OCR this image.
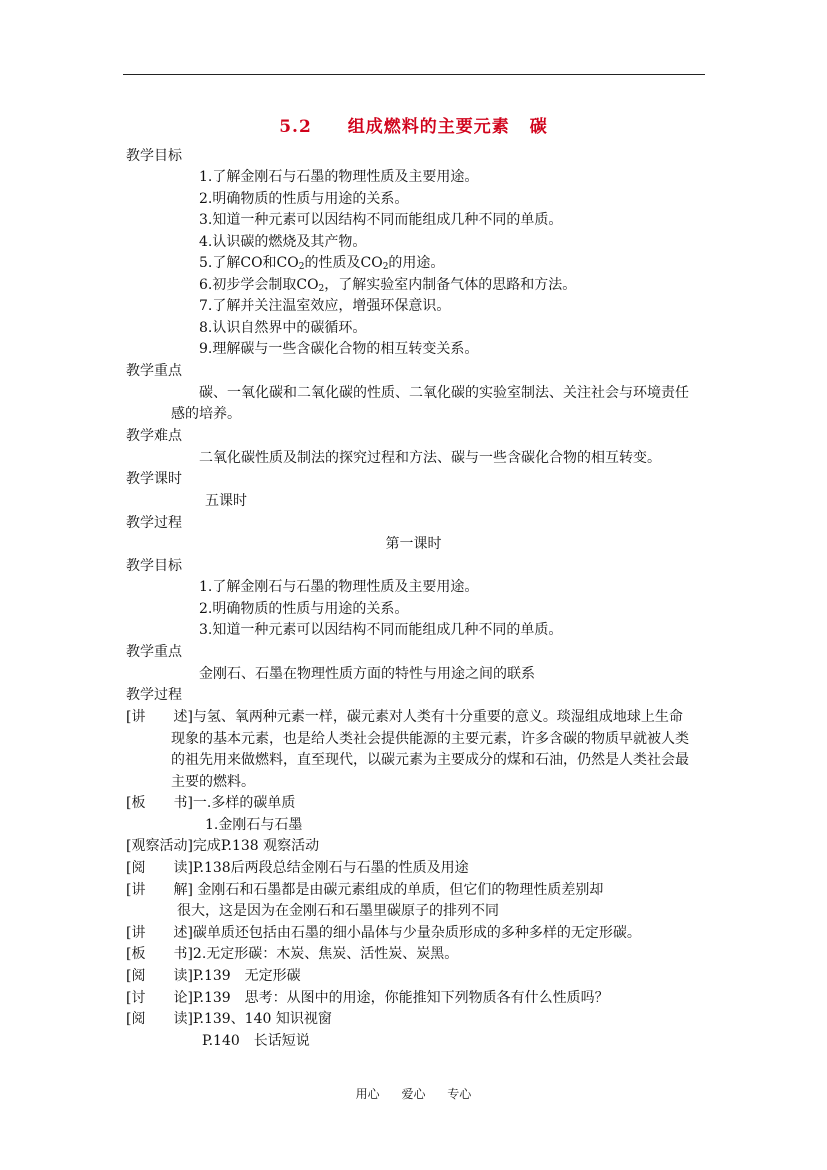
5.2 组成燃料的主要元素 碳
教学目标
1.了解金刚石与石墨的物理性质及主要用途。
2.明确物质的性质与用途的关系。
3.知道一种元素可以因结构不同而能组成几种不同的单质。
4.认识碳的燃烧及其产物。
5.了解CO和$CO_2$的性质及$CO_2$的用途。
6.初步学会制取$CO_2$，了解实验室内制备气体的思路和方法。
7.了解并关注温室效应，增强环保意识。
8.认识自然界中的碳循环。
9.理解碳与一些含碳化合物的相互转变关系。
教学重点
碳、一氧化碳和二氧化碳的性质、二氧化碳的实验室制法、关注社会与环境责任
感的培养。
教学难点
二氧化碳性质及制法的探究过程和方法、碳与一些含碳化合物的相互转变。
教学课时
五课时
教学过程
第一课时
教学目标
1.了解金刚石与石墨的物理性质及主要用途。
2.明确物质的性质与用途的关系。
3.知道一种元素可以因结构不同而能组成几种不同的单质。
教学重点
金刚石、石墨在物理性质方面的特性与用途之间的联系
教学过程
[讲　　述]与氢、氧两种元素一样，碳元素对人类有十分重要的意义。琰湿组成地球上生命
现象的基本元素，也是给人类社会提供能源的主要元素，许多含碳的物质早就被人类
的祖先用来做燃料，直至现代，以碳元素为主要成分的煤和石油，仍然是人类社会最
主要的燃料。
[板　　书]一.多样的碳单质
1.金刚石与石墨
[观察活动]完成P.138 观察活动
[阅　　读]P.138后两段总结金刚石与石墨的性质及用途
[讲　　解] 金刚石和石墨都是由碳元素组成的单质，但它们的物理性质差别却
很大，这是因为在金刚石和石墨里碳原子的排列不同
[讲　　述]碳单质还包括由石墨的细小晶体与少量杂质形成的多种多样的无定形碳。
[板　　书]2.无定形碳：木炭、焦炭、活性炭、炭黑。
[阅　　读]P.139　无定形碳
[讨　　论]P.139　思考：从图中的用途，你能推知下列物质各有什么性质吗？
[阅　　读]P.139、140 知识视窗
P.140　长话短说
用心 爱心 专心
